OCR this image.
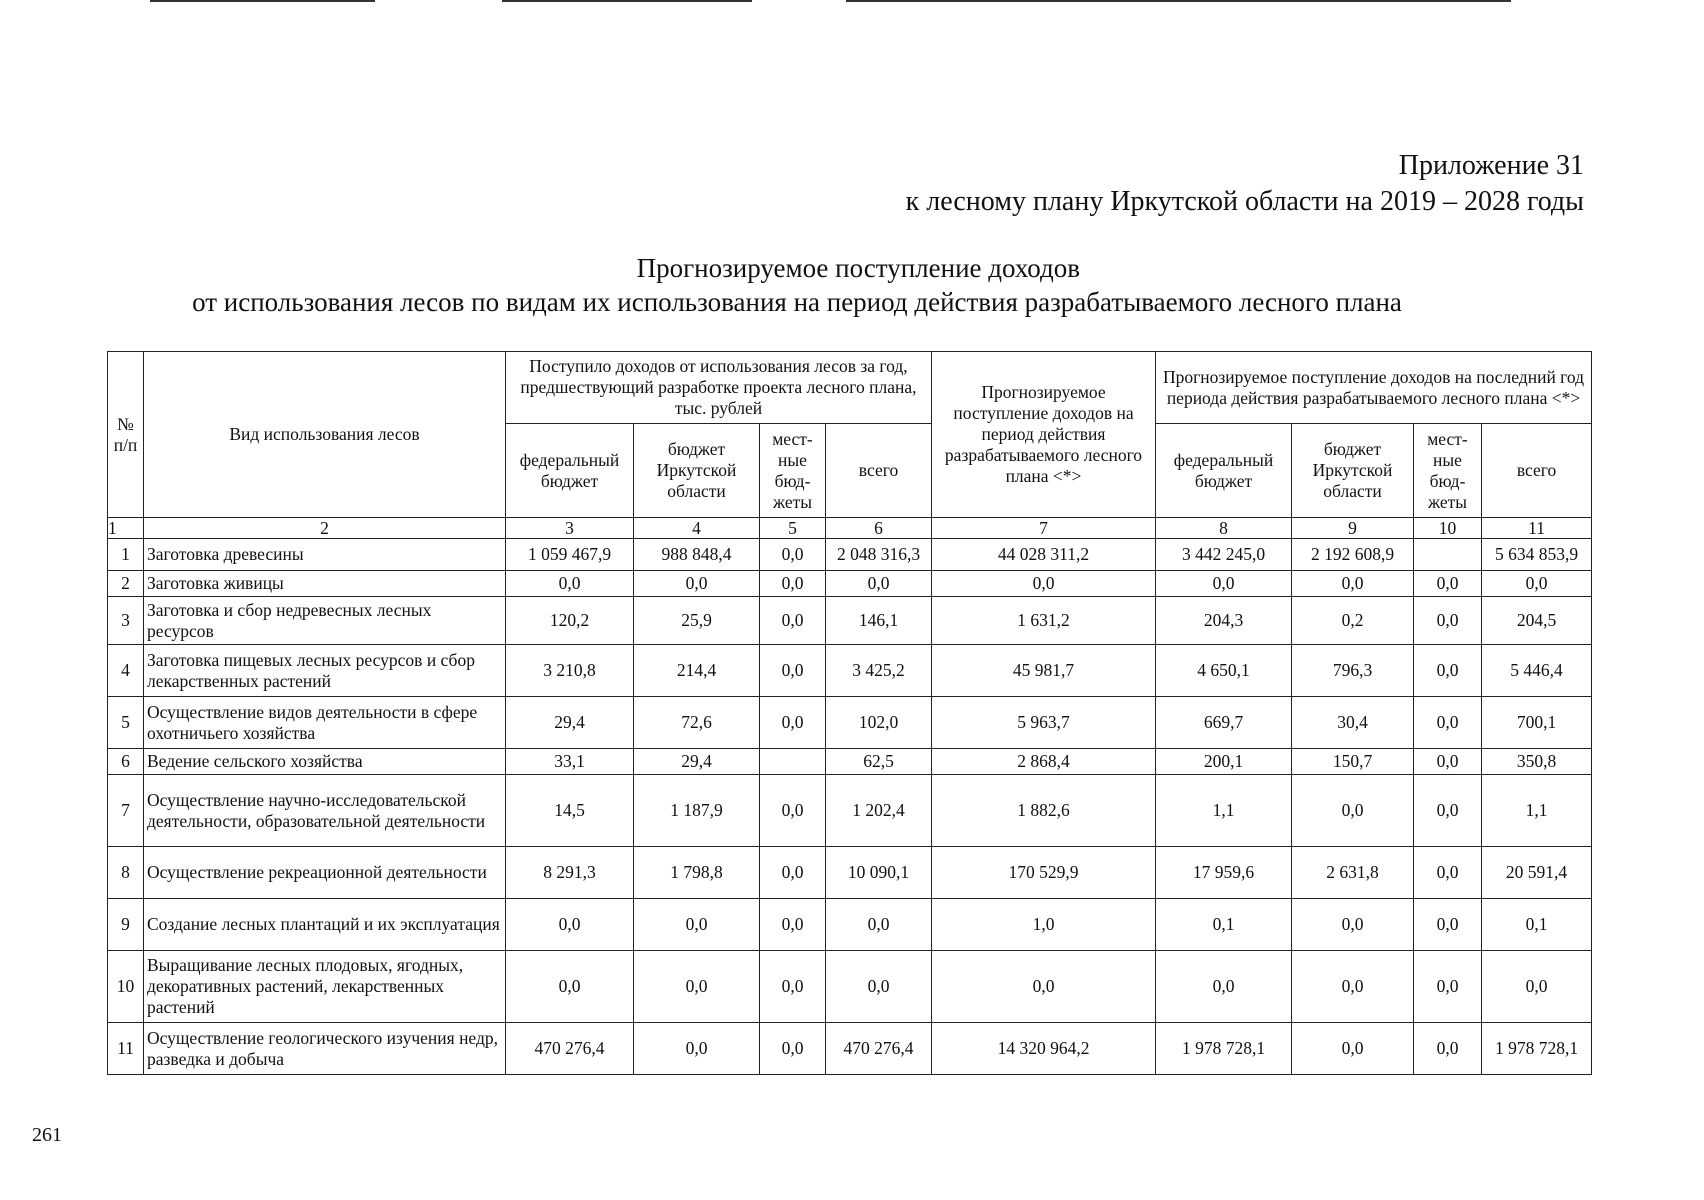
Приложение 31
к лесному плану Иркутской области на 2019 – 2028 годы
Прогнозируемое поступление доходов
от использования лесов по видам их использования на период действия разрабатываемого лесного плана
№ п/п	Вид использования лесов	Поступило доходов от использования лесов за год, предшествующий разработке проекта лесного плана, тыс. рублей				Прогнозируемое поступление доходов на период действия разрабатываемого лесного плана <*>	Прогнозируемое поступление доходов на последний год периода действия разрабатываемого лесного плана <*>			
		федеральный бюджет	бюджет Иркутской области	мест-ные бюд-жеты	всего		федеральный бюджет	бюджет Иркутской области	мест-ные бюд-жеты	всего
1	2	3	4	5	6	7	8	9	10	11
1	Заготовка древесины	1 059 467,9	988 848,4	0,0	2 048 316,3	44 028 311,2	3 442 245,0	2 192 608,9		5 634 853,9
2	Заготовка живицы	0,0	0,0	0,0	0,0	0,0	0,0	0,0	0,0	0,0
3	Заготовка и сбор недревесных лесных ресурсов	120,2	25,9	0,0	146,1	1 631,2	204,3	0,2	0,0	204,5
4	Заготовка пищевых лесных ресурсов и сбор лекарственных растений	3 210,8	214,4	0,0	3 425,2	45 981,7	4 650,1	796,3	0,0	5 446,4
5	Осуществление видов деятельности в сфере охотничьего хозяйства	29,4	72,6	0,0	102,0	5 963,7	669,7	30,4	0,0	700,1
6	Ведение сельского хозяйства	33,1	29,4		62,5	2 868,4	200,1	150,7	0,0	350,8
7	Осуществление научно-исследовательской деятельности, образовательной деятельности	14,5	1 187,9	0,0	1 202,4	1 882,6	1,1	0,0	0,0	1,1
8	Осуществление рекреационной деятельности	8 291,3	1 798,8	0,0	10 090,1	170 529,9	17 959,6	2 631,8	0,0	20 591,4
9	Создание лесных плантаций и их эксплуатация	0,0	0,0	0,0	0,0	1,0	0,1	0,0	0,0	0,1
10	Выращивание лесных плодовых, ягодных, декоративных растений, лекарственных растений	0,0	0,0	0,0	0,0	0,0	0,0	0,0	0,0	0,0
11	Осуществление геологического изучения недр, разведка и добыча	470 276,4	0,0	0,0	470 276,4	14 320 964,2	1 978 728,1	0,0	0,0	1 978 728,1
261
